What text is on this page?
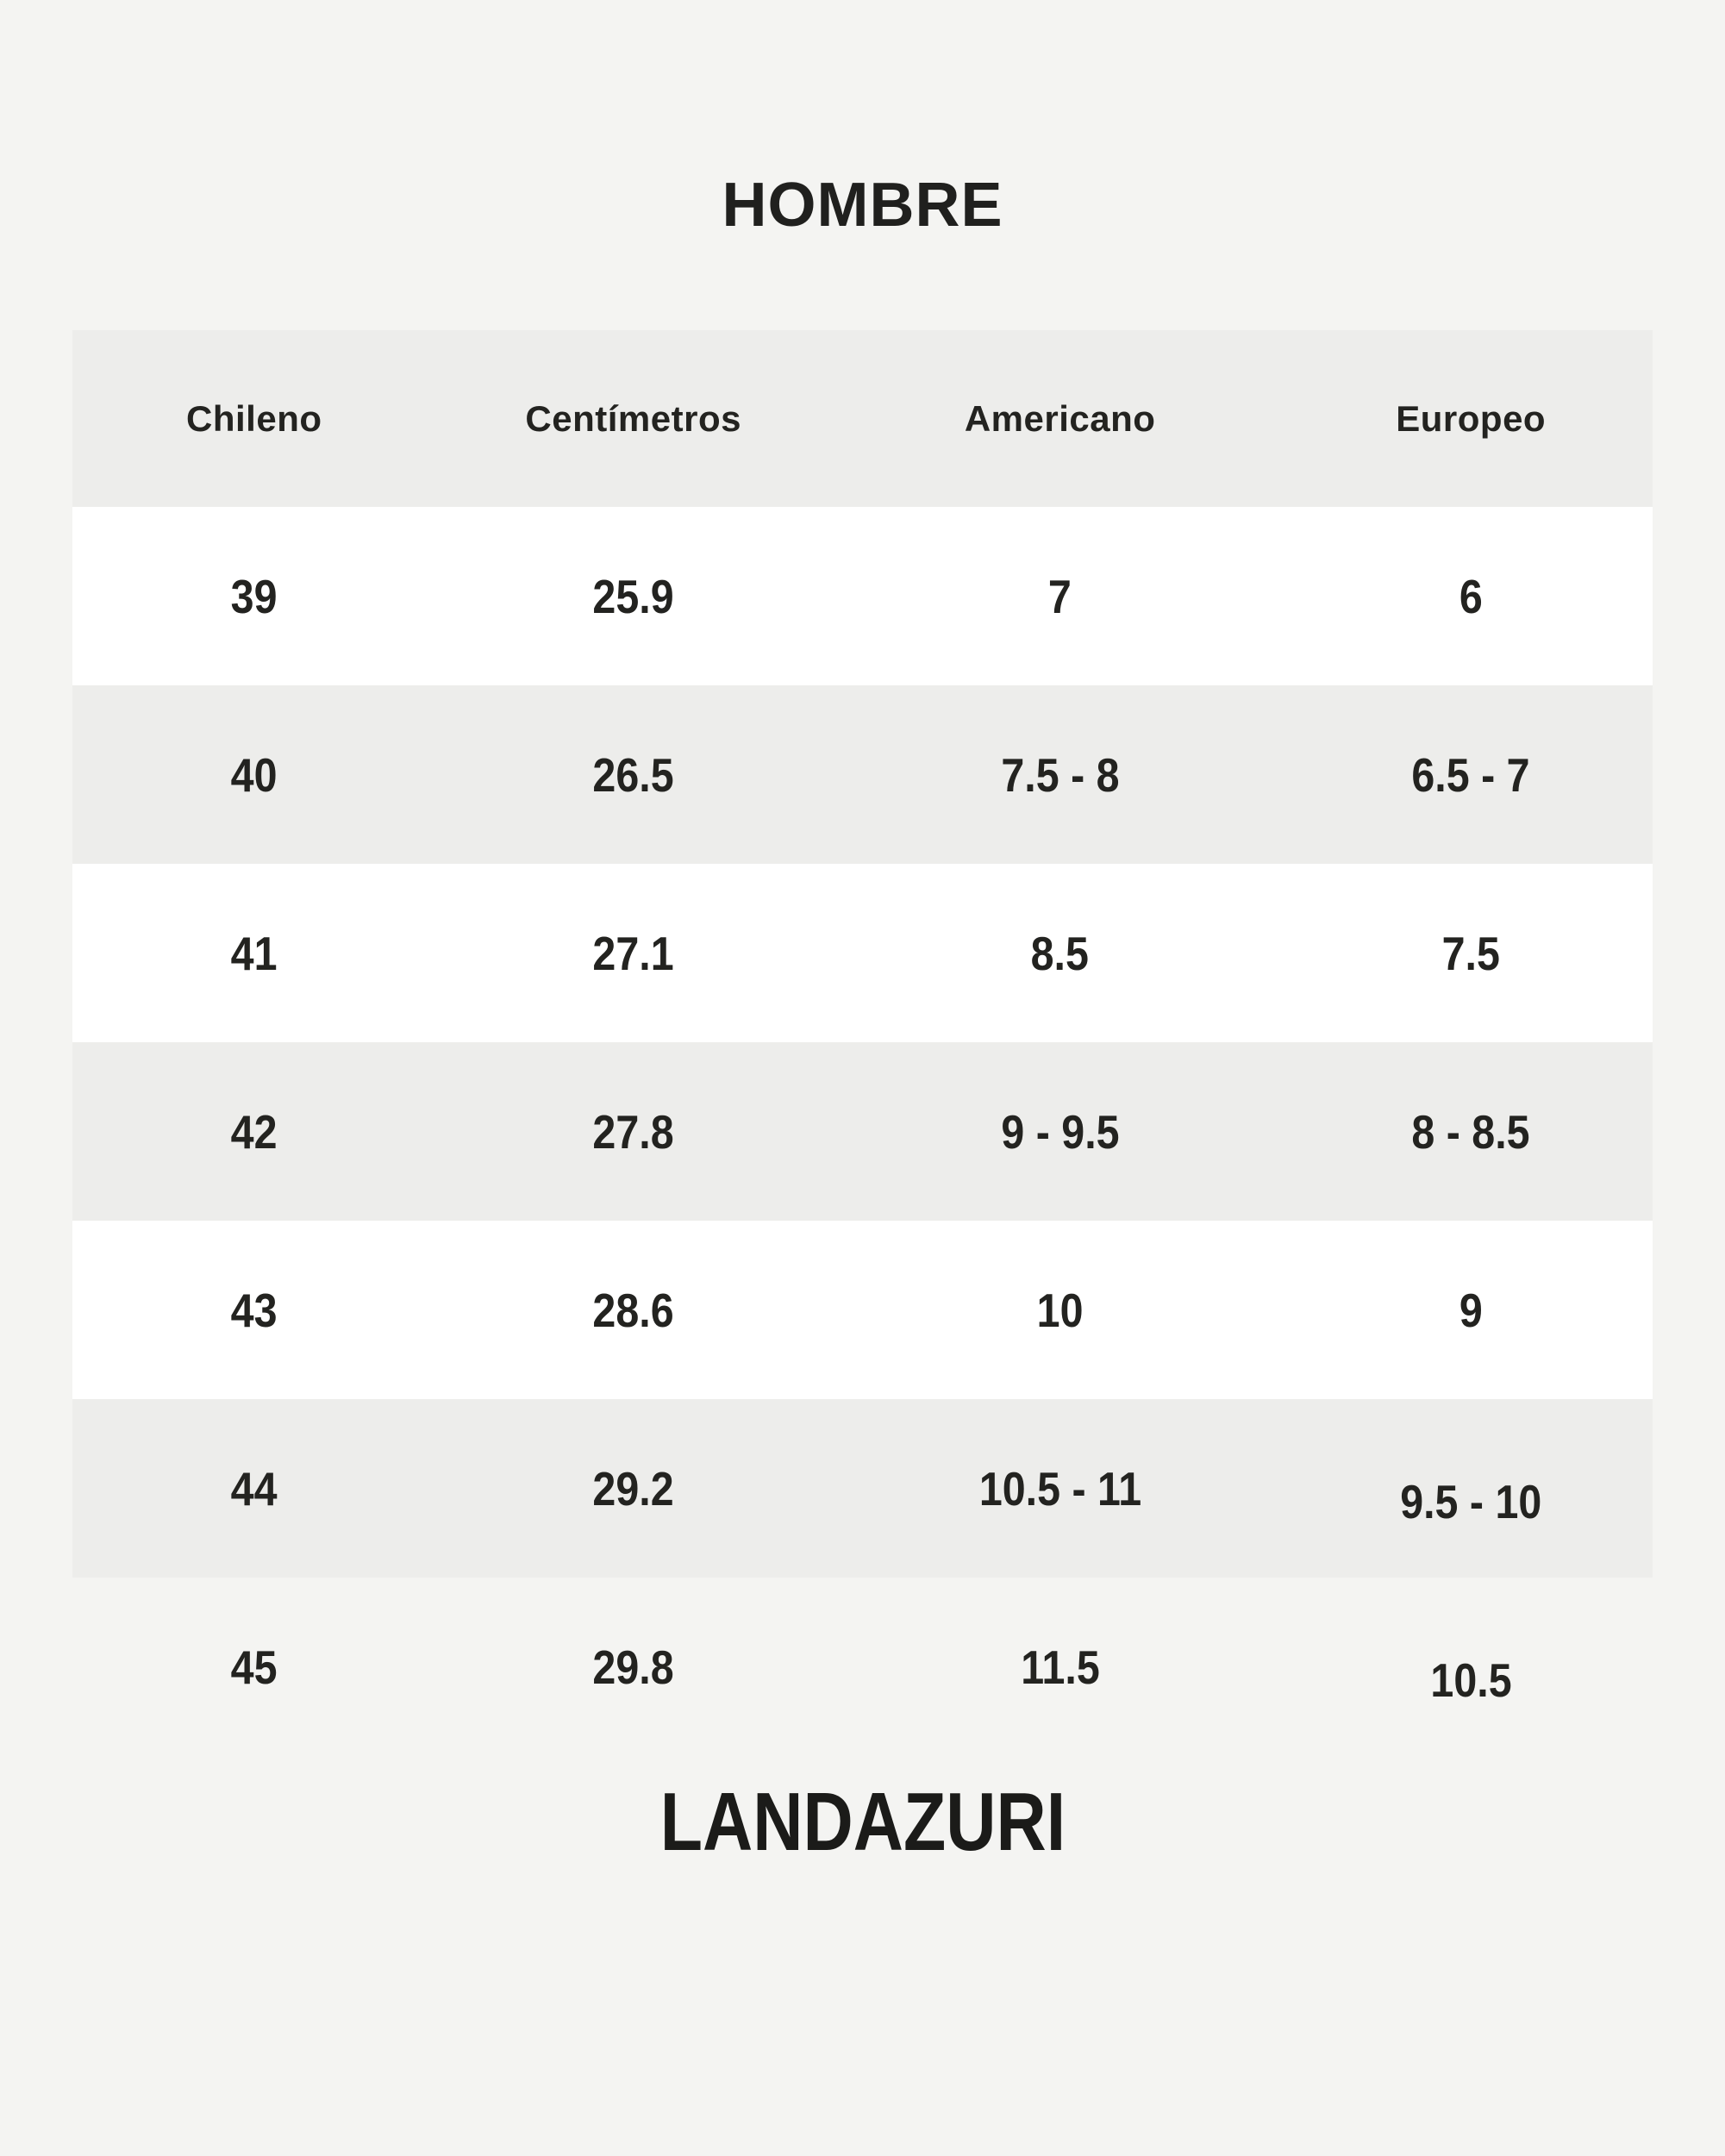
HOMBRE
Chileno	Centímetros	Americano	Europeo
39	25.9	7	6
40	26.5	7.5 - 8	6.5 - 7
41	27.1	8.5	7.5
42	27.8	9 - 9.5	8 - 8.5
43	28.6	10	9
44	29.2	10.5 - 11	9.5 - 10
45	29.8	11.5	10.5
LANDAZURI
